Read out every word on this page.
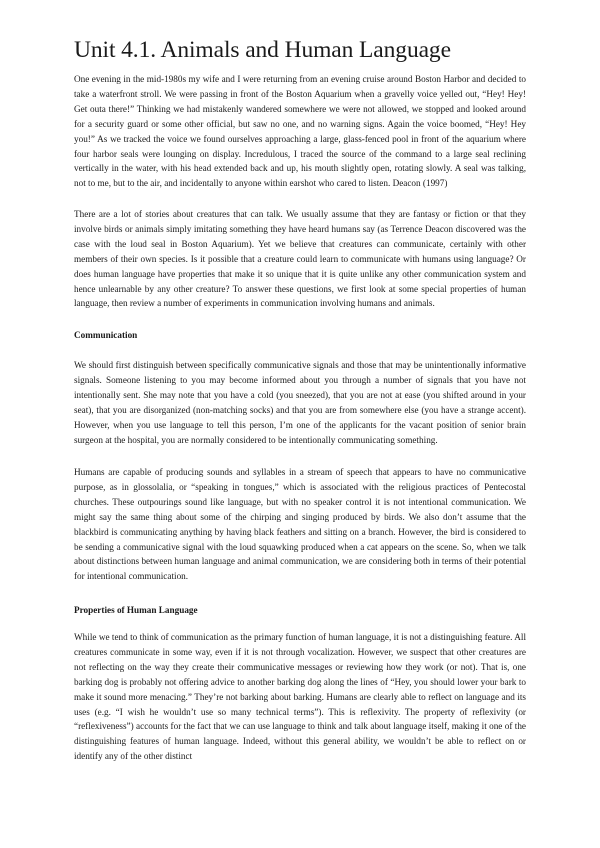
Unit 4.1. Animals and Human Language

One evening in the mid-1980s my wife and I were returning from an evening cruise around Boston Harbor and decided to take a waterfront stroll. We were passing in front of the Boston Aquarium when a gravelly voice yelled out, “Hey! Hey! Get outa there!” Thinking we had mistakenly wandered somewhere we were not allowed, we stopped and looked around for a security guard or some other official, but saw no one, and no warning signs. Again the voice boomed, “Hey! Hey you!” As we tracked the voice we found ourselves approaching a large, glass-fenced pool in front of the aquarium where four harbor seals were lounging on display. Incredulous, I traced the source of the command to a large seal reclining vertically in the water, with his head extended back and up, his mouth slightly open, rotating slowly. A seal was talking, not to me, but to the air, and incidentally to anyone within earshot who cared to listen. Deacon (1997)

There are a lot of stories about creatures that can talk. We usually assume that they are fantasy or fiction or that they involve birds or animals simply imitating something they have heard humans say (as Terrence Deacon discovered was the case with the loud seal in Boston Aquarium). Yet we believe that creatures can communicate, certainly with other members of their own species. Is it possible that a creature could learn to communicate with humans using language? Or does human language have properties that make it so unique that it is quite unlike any other communication system and hence unlearnable by any other creature? To answer these questions, we first look at some special properties of human language, then review a number of experiments in communication involving humans and animals.

Communication

We should first distinguish between specifically communicative signals and those that may be unintentionally informative signals. Someone listening to you may become informed about you through a number of signals that you have not intentionally sent. She may note that you have a cold (you sneezed), that you are not at ease (you shifted around in your seat), that you are disorganized (non-matching socks) and that you are from somewhere else (you have a strange accent). However, when you use language to tell this person, I’m one of the applicants for the vacant position of senior brain surgeon at the hospital, you are normally considered to be intentionally communicating something.

Humans are capable of producing sounds and syllables in a stream of speech that appears to have no communicative purpose, as in glossolalia, or “speaking in tongues,” which is associated with the religious practices of Pentecostal churches. These outpourings sound like language, but with no speaker control it is not intentional communication. We might say the same thing about some of the chirping and singing produced by birds. We also don’t assume that the blackbird is communicating anything by having black feathers and sitting on a branch. However, the bird is considered to be sending a communicative signal with the loud squawking produced when a cat appears on the scene. So, when we talk about distinctions between human language and animal communication, we are considering both in terms of their potential for intentional communication.

Properties of Human Language

While we tend to think of communication as the primary function of human language, it is not a distinguishing feature. All creatures communicate in some way, even if it is not through vocalization. However, we suspect that other creatures are not reflecting on the way they create their communicative messages or reviewing how they work (or not). That is, one barking dog is probably not offering advice to another barking dog along the lines of “Hey, you should lower your bark to make it sound more menacing.” They’re not barking about barking. Humans are clearly able to reflect on language and its uses (e.g. “I wish he wouldn’t use so many technical terms”). This is reflexivity. The property of reflexivity (or “reflexiveness”) accounts for the fact that we can use language to think and talk about language itself, making it one of the distinguishing features of human language. Indeed, without this general ability, we wouldn’t be able to reflect on or identify any of the other distinct
